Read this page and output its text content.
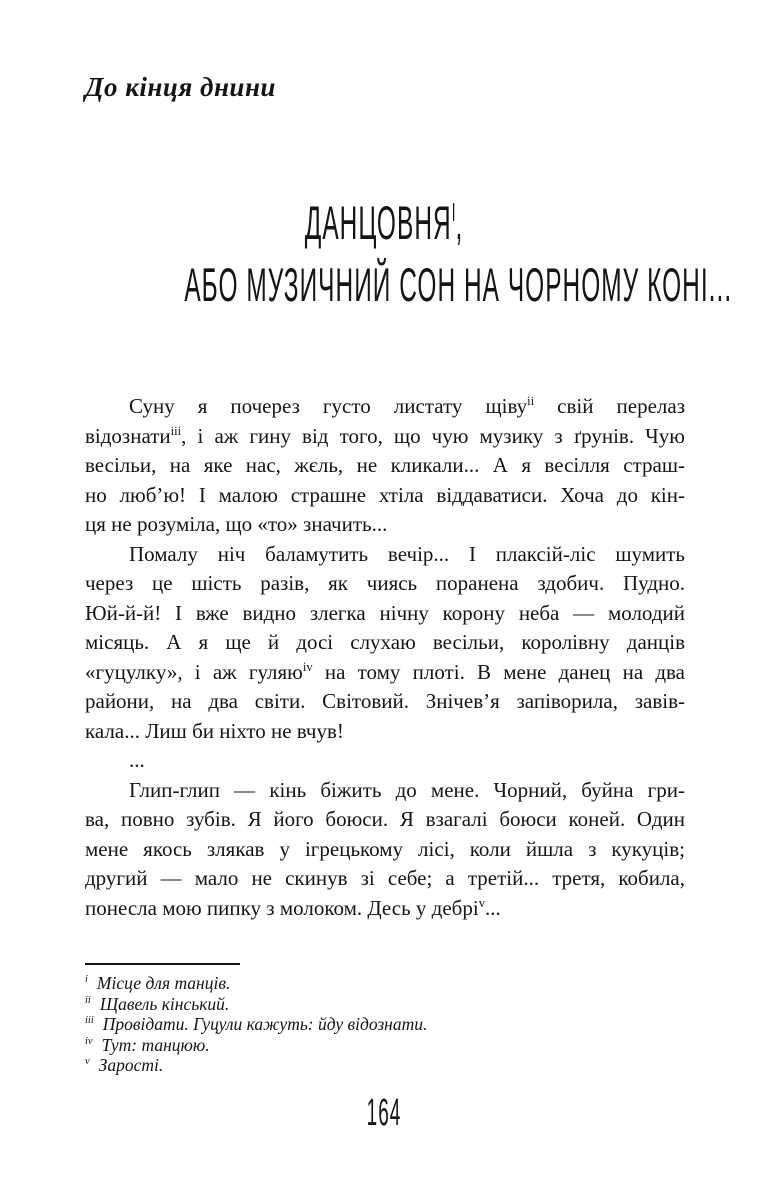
До кінця днини
$ДАНЦОВНЯ^I$,
АБО МУЗИЧНИЙ СОН НА ЧОРНОМУ КОНІ...

Суну я почерез густо листату щіву$^{ii}$ свій перелаз
відознати$^{iii}$, і аж гину від того, що чую музику з ґрунів. Чую
весільи, на яке нас, жєль, не кликали... А я весілля страш-
но люб’ю! І малою страшне хтіла віддаватиси. Хоча до кін-
ця не розуміла, що «то» значить...

Помалу ніч баламутить вечір... І плаксій-ліс шумить
через це шість разів, як чиясь поранена здобич. Пудно.
Юй-й-й! І вже видно злегка нічну корону неба — молодий
місяць. А я ще й досі слухаю весільи, королівну данців
«гуцулку», і аж гуляю$^{iv}$ на тому плоті. В мене данец на два
райони, на два світи. Світовий. Знічев’я запіворила, завів-
кала... Лиш би ніхто не вчув!

...

Глип-глип — кінь біжить до мене. Чорний, буйна гри-
ва, повно зубів. Я його боюси. Я взагалі боюси коней. Один
мене якось злякав у ігрецькому лісі, коли йшла з кукуців;
другий — мало не скинув зі себе; а третій... третя, кобила,
понесла мою пипку з молоком. Десь у дебрі$^v$...

$^i$ Місце для танців.
$^{ii}$ Щавель кінський.
$^{iii}$ Провідати. Гуцули кажуть: йду відознати.
$^{iv}$ Тут: танцюю.
$^v$ Зарості.
164
